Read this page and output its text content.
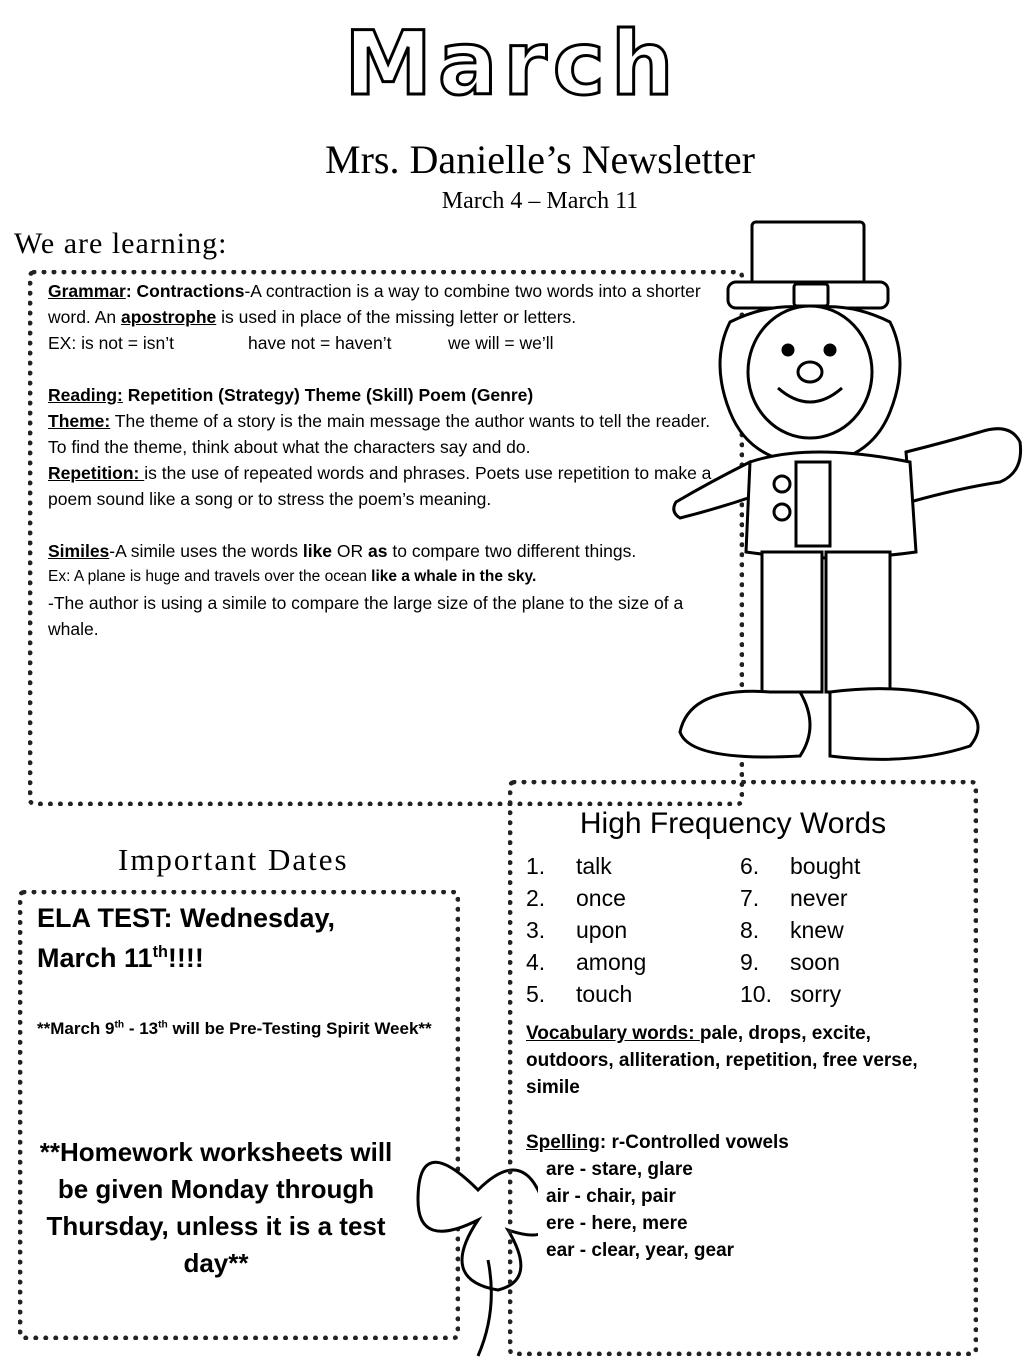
March
Mrs. Danielle’s Newsletter
March 4 – March 11
We are learning:

Grammar: Contractions-A contraction is a way to combine two words into a shorter word. An apostrophe is used in place of the missing letter or letters.

EX: is not = isn’t	have not = haven’t	we will = we’ll

Reading: Repetition (Strategy) Theme (Skill) Poem (Genre)

Theme: The theme of a story is the main message the author wants to tell the reader. To find the theme, think about what the characters say and do.

Repetition: is the use of repeated words and phrases. Poets use repetition to make a poem sound like a song or to stress the poem’s meaning.

Similes-A simile uses the words like OR as to compare two different things.

Ex: A plane is huge and travels over the ocean like a whale in the sky.

-The author is using a simile to compare the large size of the plane to the size of a whale.

Important Dates
ELA TEST: Wednesday,
March 11th!!!!
**March 9th - 13th will be Pre-Testing Spirit Week**
**Homework worksheets will be given Monday through Thursday, unless it is a test day**
High Frequency Words
1.	talk
2.	once
3.	upon
4.	among
5.	touch
6.	bought
7.	never
8.	knew
9.	soon
10. sorry
Vocabulary words: pale, drops, excite, outdoors, alliteration, repetition, free verse, simile
Spelling: r-Controlled vowels
are - stare, glare
air - chair, pair
ere - here, mere
ear - clear, year, gear
